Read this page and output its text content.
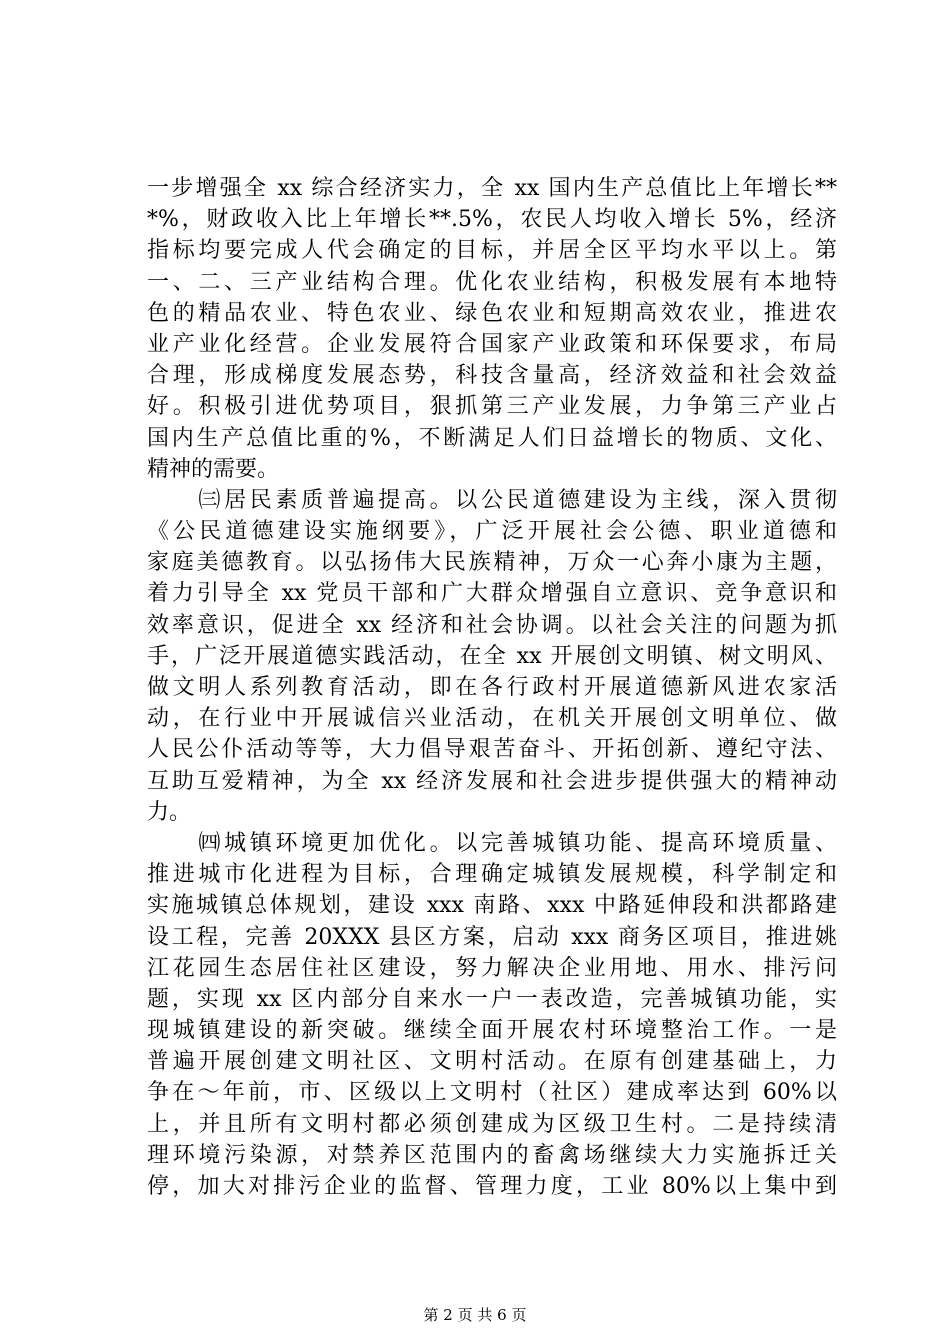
一步增强全 xx 综合经济实力，全 xx 国内生产总值比上年增长**
*%，财政收入比上年增长**.5%，农民人均收入增长 5%，经济
指标均要完成人代会确定的目标，并居全区平均水平以上。第
一、二、三产业结构合理。优化农业结构，积极发展有本地特
色的精品农业、特色农业、绿色农业和短期高效农业，推进农
业产业化经营。企业发展符合国家产业政策和环保要求，布局
合理，形成梯度发展态势，科技含量高，经济效益和社会效益
好。积极引进优势项目，狠抓第三产业发展，力争第三产业占
国内生产总值比重的%，不断满足人们日益增长的物质、文化、
精神的需要。
　　㈢居民素质普遍提高。以公民道德建设为主线，深入贯彻
《公民道德建设实施纲要》，广泛开展社会公德、职业道德和
家庭美德教育。以弘扬伟大民族精神，万众一心奔小康为主题，
着力引导全 xx 党员干部和广大群众增强自立意识、竞争意识和
效率意识，促进全 xx 经济和社会协调。以社会关注的问题为抓
手，广泛开展道德实践活动，在全 xx 开展创文明镇、树文明风、
做文明人系列教育活动，即在各行政村开展道德新风进农家活
动，在行业中开展诚信兴业活动，在机关开展创文明单位、做
人民公仆活动等等，大力倡导艰苦奋斗、开拓创新、遵纪守法、
互助互爱精神，为全 xx 经济发展和社会进步提供强大的精神动
力。
　　㈣城镇环境更加优化。以完善城镇功能、提高环境质量、
推进城市化进程为目标，合理确定城镇发展规模，科学制定和
实施城镇总体规划，建设 xxx 南路、xxx 中路延伸段和洪都路建
设工程，完善 20XXX 县区方案，启动 xxx 商务区项目，推进姚
江花园生态居住社区建设，努力解决企业用地、用水、排污问
题，实现 xx 区内部分自来水一户一表改造，完善城镇功能，实
现城镇建设的新突破。继续全面开展农村环境整治工作。一是
普遍开展创建文明社区、文明村活动。在原有创建基础上，力
争在～年前，市、区级以上文明村（社区）建成率达到 60%以
上，并且所有文明村都必须创建成为区级卫生村。二是持续清
理环境污染源，对禁养区范围内的畜禽场继续大力实施拆迁关
停，加大对排污企业的监督、管理力度，工业 80%以上集中到
第 2 页 共 6 页
